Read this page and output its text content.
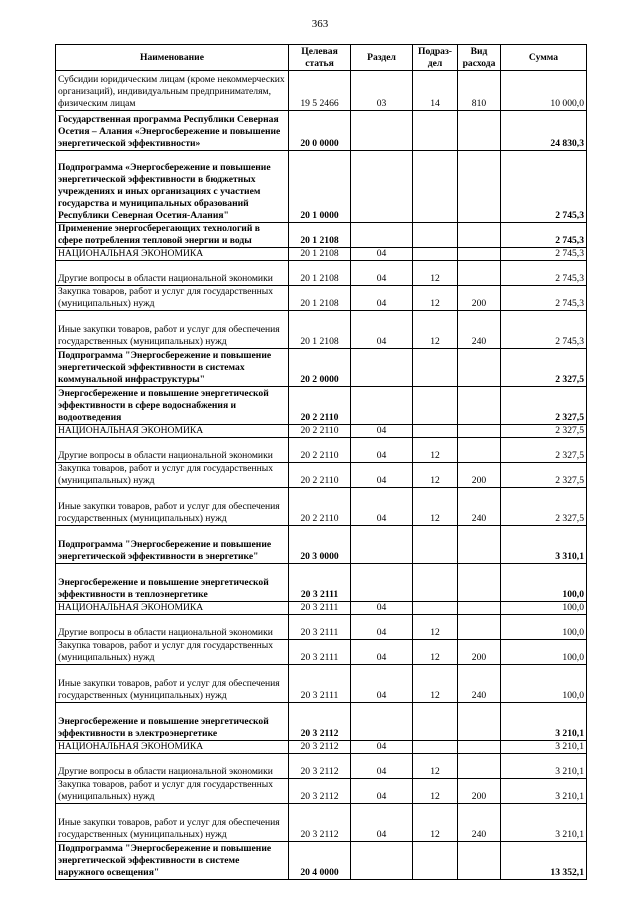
363
Наименование	Целевая статья	Раздел	Подраз-дел	Вид расхода	Сумма
Субсидии юридическим лицам (кроме некоммерческих организаций), индивидуальным предпринимателям, физическим лицам	19 5 2466	03	14	810	10 000,0
Государственная программа Республики Северная Осетия – Алания «Энергосбережение и повышение энергетической эффективности»	20 0 0000				24 830,3
Подпрограмма «Энергосбережение и повышение энергетической эффективности в бюджетных учреждениях и иных организациях с участием государства и муниципальных образований Республики Северная Осетия-Алания"	20 1 0000				2 745,3
Применение энергосберегающих технологий в сфере потребления тепловой энергии и воды	20 1 2108				2 745,3
НАЦИОНАЛЬНАЯ ЭКОНОМИКА	20 1 2108	04			2 745,3
Другие вопросы в области национальной экономики	20 1 2108	04	12		2 745,3
Закупка товаров, работ и услуг для государственных (муниципальных) нужд	20 1 2108	04	12	200	2 745,3
Иные закупки товаров, работ и услуг для обеспечения государственных (муниципальных) нужд	20 1 2108	04	12	240	2 745,3
Подпрограмма "Энергосбережение и повышение энергетической эффективности в системах коммунальной инфраструктуры"	20 2 0000				2 327,5
Энергосбережение и повышение энергетической эффективности в сфере водоснабжения и водоотведения	20 2 2110				2 327,5
НАЦИОНАЛЬНАЯ ЭКОНОМИКА	20 2 2110	04			2 327,5
Другие вопросы в области национальной экономики	20 2 2110	04	12		2 327,5
Закупка товаров, работ и услуг для государственных (муниципальных) нужд	20 2 2110	04	12	200	2 327,5
Иные закупки товаров, работ и услуг для обеспечения государственных (муниципальных) нужд	20 2 2110	04	12	240	2 327,5
Подпрограмма "Энергосбережение и повышение энергетической эффективности в энергетике"	20 3 0000				3 310,1
Энергосбережение и повышение энергетической эффективности в теплоэнергетике	20 3 2111				100,0
НАЦИОНАЛЬНАЯ ЭКОНОМИКА	20 3 2111	04			100,0
Другие вопросы в области национальной экономики	20 3 2111	04	12		100,0
Закупка товаров, работ и услуг для государственных (муниципальных) нужд	20 3 2111	04	12	200	100,0
Иные закупки товаров, работ и услуг для обеспечения государственных (муниципальных) нужд	20 3 2111	04	12	240	100,0
Энергосбережение и повышение энергетической эффективности в электроэнергетике	20 3 2112				3 210,1
НАЦИОНАЛЬНАЯ ЭКОНОМИКА	20 3 2112	04			3 210,1
Другие вопросы в области национальной экономики	20 3 2112	04	12		3 210,1
Закупка товаров, работ и услуг для государственных (муниципальных) нужд	20 3 2112	04	12	200	3 210,1
Иные закупки товаров, работ и услуг для обеспечения государственных (муниципальных) нужд	20 3 2112	04	12	240	3 210,1
Подпрограмма "Энергосбережение и повышение энергетической эффективности в системе наружного освещения"	20 4 0000				13 352,1
